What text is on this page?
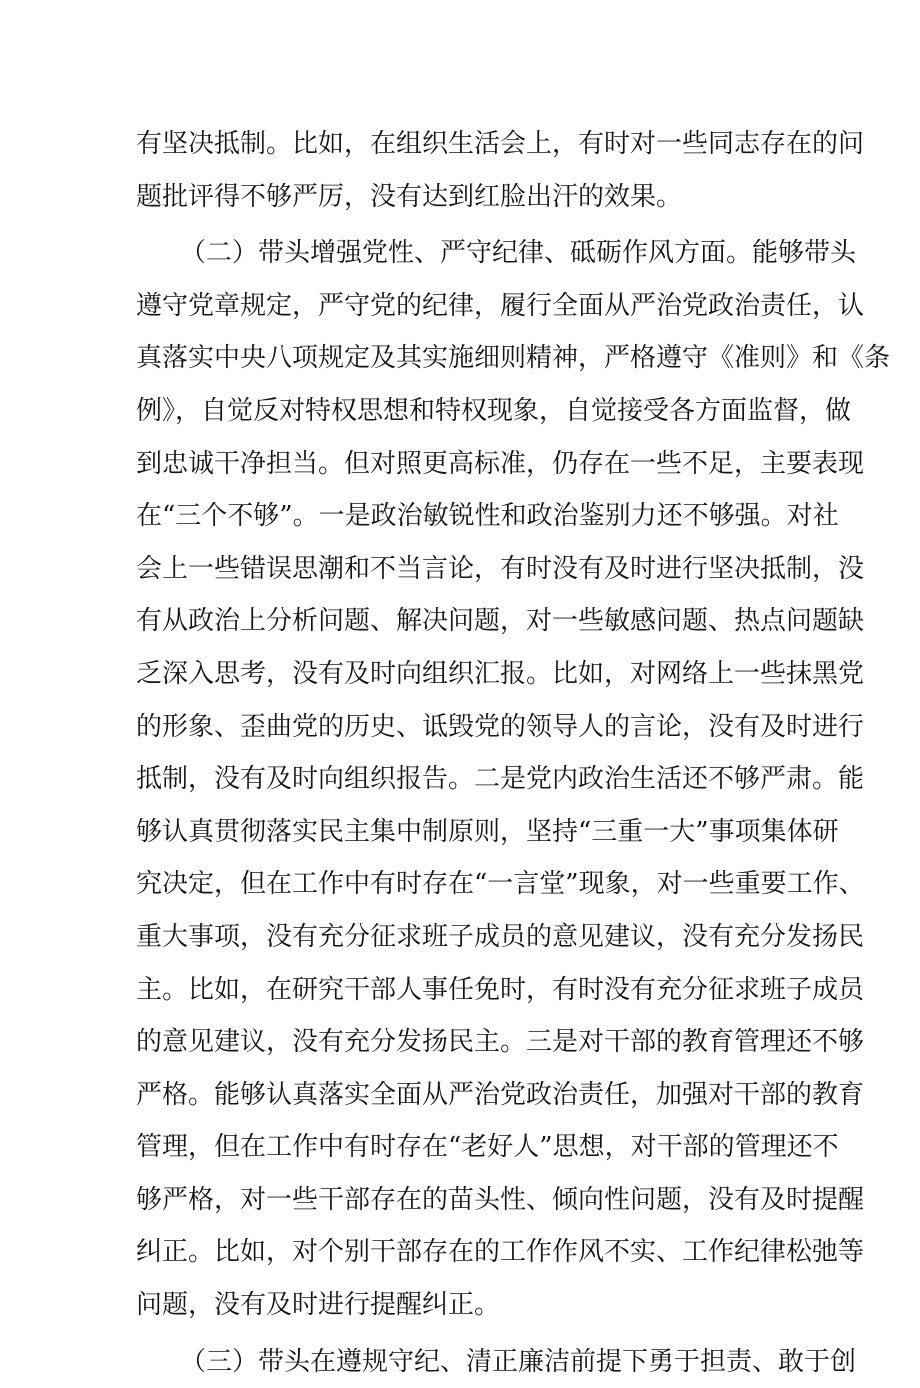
有坚决抵制。比如，在组织生活会上，有时对一些同志存在的问
题批评得不够严厉，没有达到红脸出汗的效果。
（二）带头增强党性、严守纪律、砥砺作风方面。能够带头
遵守党章规定，严守党的纪律，履行全面从严治党政治责任，认
真落实中央八项规定及其实施细则精神，严格遵守《准则》和《条
例》，自觉反对特权思想和特权现象，自觉接受各方面监督，做
到忠诚干净担当。但对照更高标准，仍存在一些不足，主要表现
在“三个不够”。一是政治敏锐性和政治鉴别力还不够强。对社
会上一些错误思潮和不当言论，有时没有及时进行坚决抵制，没
有从政治上分析问题、解决问题，对一些敏感问题、热点问题缺
乏深入思考，没有及时向组织汇报。比如，对网络上一些抹黑党
的形象、歪曲党的历史、诋毁党的领导人的言论，没有及时进行
抵制，没有及时向组织报告。二是党内政治生活还不够严肃。能
够认真贯彻落实民主集中制原则，坚持“三重一大”事项集体研
究决定，但在工作中有时存在“一言堂”现象，对一些重要工作、
重大事项，没有充分征求班子成员的意见建议，没有充分发扬民
主。比如，在研究干部人事任免时，有时没有充分征求班子成员
的意见建议，没有充分发扬民主。三是对干部的教育管理还不够
严格。能够认真落实全面从严治党政治责任，加强对干部的教育
管理，但在工作中有时存在“老好人”思想，对干部的管理还不
够严格，对一些干部存在的苗头性、倾向性问题，没有及时提醒
纠正。比如，对个别干部存在的工作作风不实、工作纪律松弛等
问题，没有及时进行提醒纠正。
（三）带头在遵规守纪、清正廉洁前提下勇于担责、敢于创
